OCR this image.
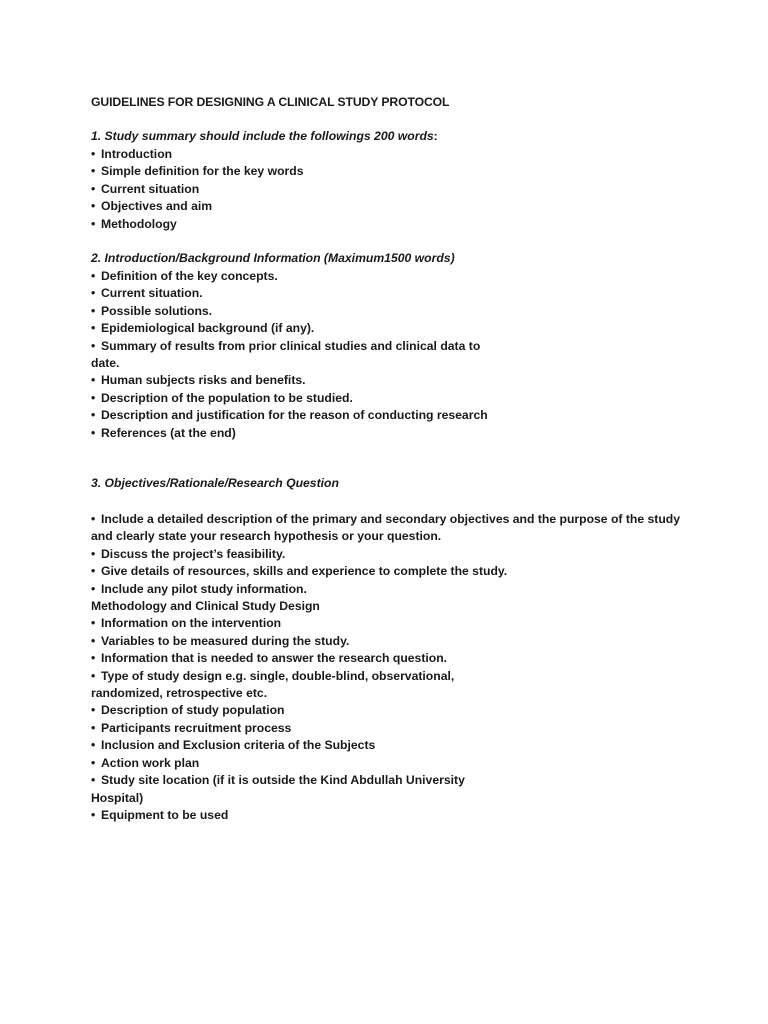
GUIDELINES FOR DESIGNING A CLINICAL STUDY PROTOCOL
1. Study summary should include the followings 200 words:
• Introduction
• Simple definition for the key words
• Current situation
• Objectives and aim
• Methodology
2. Introduction/Background Information (Maximum1500 words)
• Definition of the key concepts.
• Current situation.
• Possible solutions.
• Epidemiological background (if any).
• Summary of results from prior clinical studies and clinical data to
date.
• Human subjects risks and benefits.
• Description of the population to be studied.
• Description and justification for the reason of conducting research
• References (at the end)
3. Objectives/Rationale/Research Question
• Include a detailed description of the primary and secondary objectives and the purpose of the study
and clearly state your research hypothesis or your question.
• Discuss the project’s feasibility.
• Give details of resources, skills and experience to complete the study.
• Include any pilot study information.
Methodology and Clinical Study Design
• Information on the intervention
• Variables to be measured during the study.
• Information that is needed to answer the research question.
• Type of study design e.g. single, double-blind, observational,
randomized, retrospective etc.
• Description of study population
• Participants recruitment process
• Inclusion and Exclusion criteria of the Subjects
• Action work plan
• Study site location (if it is outside the Kind Abdullah University
Hospital)
• Equipment to be used
